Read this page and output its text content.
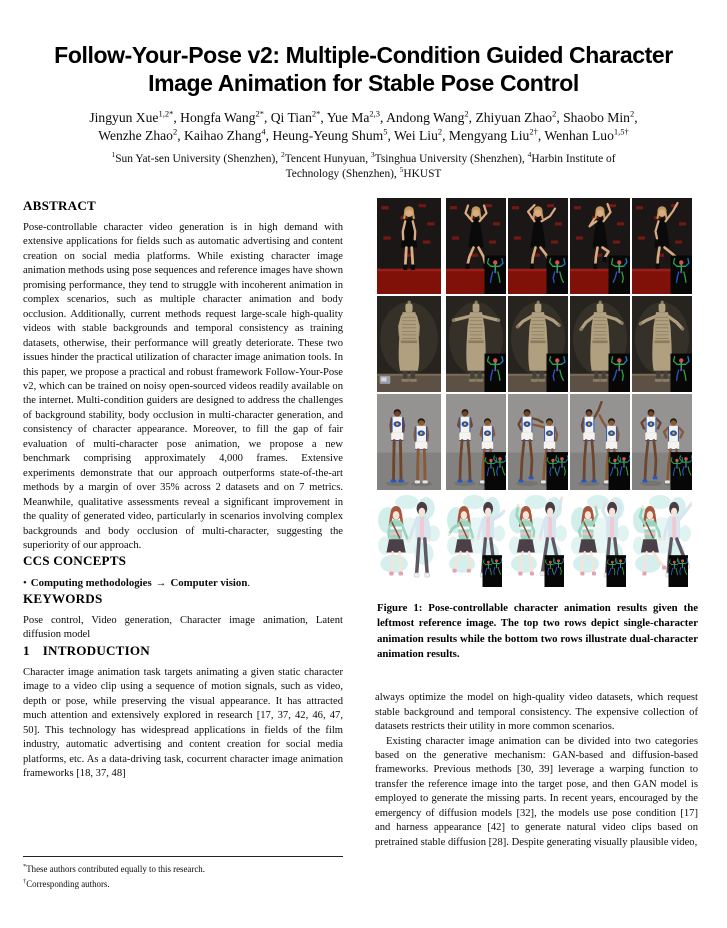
Follow-Your-Pose v2: Multiple-Condition Guided Character
Image Animation for Stable Pose Control
Jingyun Xue$^{1,2*}$, Hongfa Wang$^{2*}$, Qi Tian$^{2*}$, Yue Ma$^{2,3}$, Andong Wang$^2$, Zhiyuan Zhao$^2$, Shaobo Min$^2$,
Wenzhe Zhao$^2$, Kaihao Zhang$^4$, Heung-Yeung Shum$^5$, Wei Liu$^2$, Mengyang Liu$^{2\dagger}$, Wenhan Luo$^{1,5\dagger}$
$^1$Sun Yat-sen University (Shenzhen), $^2$Tencent Hunyuan, $^3$Tsinghua University (Shenzhen), $^4$Harbin Institute of Technology (Shenzhen), $^5$HKUST
ABSTRACT

Pose-controllable character video generation is in high demand with extensive applications for fields such as automatic advertising and content creation on social media platforms. While existing character image animation methods using pose sequences and reference images have shown promising performance, they tend to struggle with incoherent animation in complex scenarios, such as multiple character animation and body occlusion. Additionally, current methods request large-scale high-quality videos with stable backgrounds and temporal consistency as training datasets, otherwise, their performance will greatly deteriorate. These two issues hinder the practical utilization of character image animation tools. In this paper, we propose a practical and robust framework Follow-Your-Pose v2, which can be trained on noisy open-sourced videos readily available on the internet. Multi-condition guiders are designed to address the challenges of background stability, body occlusion in multi-character generation, and consistency of character appearance. Moreover, to fill the gap of fair evaluation of multi-character pose animation, we propose a new benchmark comprising approximately 4,000 frames. Extensive experiments demonstrate that our approach outperforms state-of-the-art methods by a margin of over 35% across 2 datasets and on 7 metrics. Meanwhile, qualitative assessments reveal a significant improvement in the quality of generated video, particularly in scenarios involving complex backgrounds and body occlusion of multi-character, suggesting the superiority of our approach.

CCS CONCEPTS

• Computing methodologies → Computer vision.

KEYWORDS

Pose control, Video generation, Character image animation, Latent diffusion model

1 INTRODUCTION

Character image animation task targets animating a given static character image to a video clip using a sequence of motion signals, such as video, depth or pose, while preserving the visual appearance. It has attracted much attention and extensively explored in research [17, 37, 42, 46, 47, 50]. This technology has widespread applications in fields of the film industry, automatic advertising and content creation for social media platforms, etc. As a data-driving task, cocurrent character image animation frameworks [18, 37, 48]

*These authors contributed equally to this research.

†Corresponding authors.

Figure 1: Pose-controllable character animation results given the leftmost reference image. The top two rows depict single-character animation results while the bottom two rows illustrate dual-character animation results.

always optimize the model on high-quality video datasets, which request stable background and temporal consistency. The expensive collection of datasets restricts their utility in more common scenarios.

Existing character image animation can be divided into two categories based on the generative mechanism: GAN-based and diffusion-based frameworks. Previous methods [30, 39] leverage a warping function to transfer the reference image into the target pose, and then GAN model is employed to generate the missing parts. In recent years, encouraged by the emergency of diffusion models [32], the models use pose condition [17] and harness appearance [42] to generate natural video clips based on pretrained stable diffusion [28]. Despite generating visually plausible video,
